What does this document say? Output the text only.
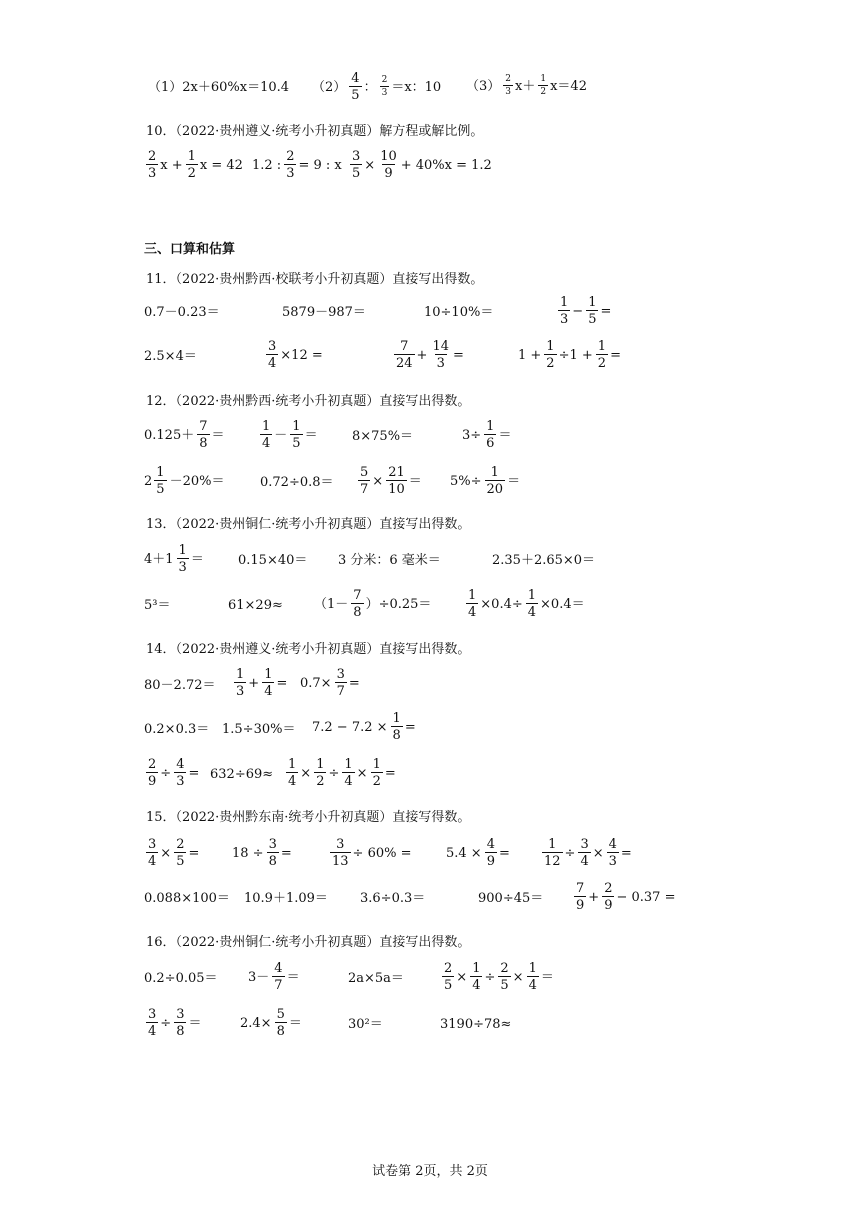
（1）2x＋60%x＝10.4 $(2) \frac{4}{5}$ ： $\frac{2}{3} =x$：10 $(3) \frac{2}{3} x+ \frac{1}{2} x=42$
10．（2022·贵州遵义·统考小升初真题）解方程或解比例。
$\frac{2}{3}$ $x + \frac{1}{2}$ x = 42 1.2 : $\frac{2}{3} = 9$ : x $\frac{3}{5} \times \frac{10}{9} + 40\%x = 1.2$
三、口算和估算
11．（2022·贵州黔西·校联考小升初真题）直接写出得数。
0.7－0.23＝	5879－987＝	10÷10%＝	$\frac{1}{3} - \frac{1}{5}$ =
2.5×4＝	$\frac{3}{4} \times 12$ =	$\frac{7}{24} + \frac{14}{3}$ =	$1 + \frac{1}{2} \div 1 + \frac{1}{2}$ =
12．（2022·贵州黔西·统考小升初真题）直接写出得数。
$0.125+ \frac{7}{8}$ ＝	$\frac{1}{4} - \frac{1}{5}$ ＝	8×75%＝	$3\div \frac{1}{6}$ ＝
$2 \frac{1}{5} -20\%=$	$0.72\div 0.8= \frac{5}{7} \times \frac{21}{10} = 5\%\div \frac{1}{20}$ ＝
13．（2022·贵州铜仁·统考小升初真题）直接写出得数。
$4+1 \frac{1}{3}$ ＝	0.15×40＝ 3 分米：6 毫米＝	2.35＋2.65×0＝
5³＝	$61\times 29\approx (1- \frac{7}{8} )\div 0.25=$	$\frac{1}{4} \times 0.4\div \frac{1}{4} \times 0.4=$
14．（2022·贵州遵义·统考小升初真题）直接写出得数。
$80-2.72= \frac{1}{3} + \frac{1}{4} = 0.7\times \frac{3}{7}$ =
$0.2\times 0.3= 1.5\div 30\%= 7.2 - 7.2 \times \frac{1}{8}$ =
$\frac{2}{9} \div \frac{4}{3} = 632\div 69\approx \frac{1}{4} \times \frac{1}{2} \div \frac{1}{4} \times \frac{1}{2}$ =
15．（2022·贵州黔东南·统考小升初真题）直接写得数。
$\frac{3}{4} \times \frac{2}{5}$ =	$18 \div \frac{3}{8}$ =	$\frac{3}{13} \div 60\%$ =	$5.4 \times \frac{4}{9} = \frac{1}{12} \div \frac{3}{4} \times \frac{4}{3}$ =
0.088×100＝ 10.9＋1.09＝ 3.6÷0.3＝	$900\div 45= \frac{7}{9} + \frac{2}{9} - 0.37$ =
16．（2022·贵州铜仁·统考小升初真题）直接写出得数。
$0.2\div 0.05= 3- \frac{4}{7}$ ＝	2a×5a＝	$\frac{2}{5} \times \frac{1}{4} \div \frac{2}{5} \times \frac{1}{4}$ ＝
$\frac{3}{4} \div \frac{3}{8}$ ＝	$2.4\times \frac{5}{8}$ ＝	30²＝	3190÷78≈
试卷第 2页，共 2页
